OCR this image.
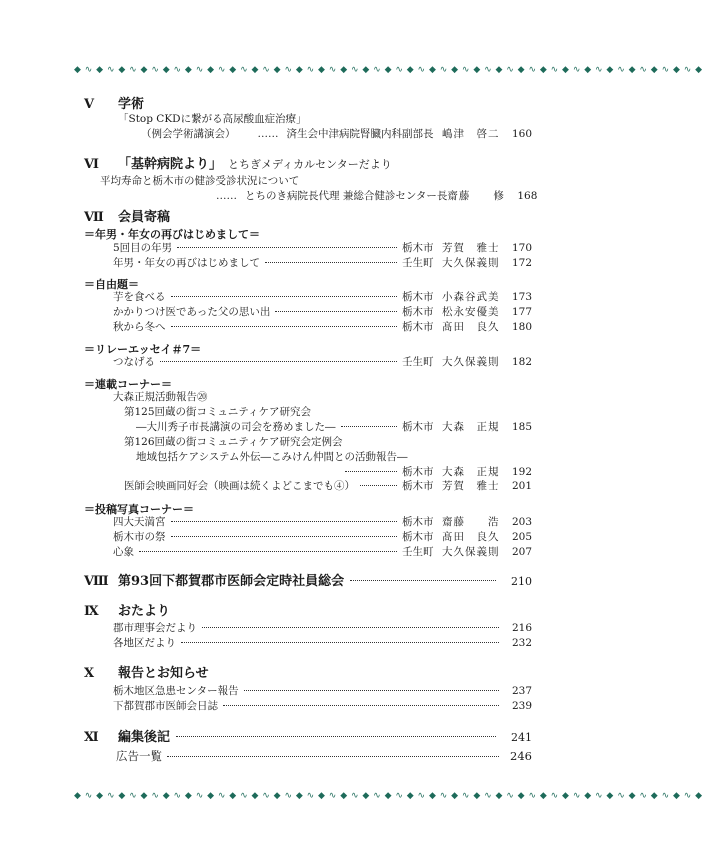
◆ ∿ ◆ ∿ ◆ ∿ ◆ ∿ ◆ ∿ ◆ ∿ ◆ ∿ ◆ ∿ ◆ ∿ ◆ ∿ ◆ ∿ ◆ ∿ ◆ ∿ ◆ ∿ ◆ ∿ ◆ ∿ ◆ ∿ ◆ ∿ ◆ ∿ ◆ ∿ ◆ ∿ ◆ ∿ ◆ ∿ ◆ ∿ ◆ ∿ ◆ ∿ ◆ ∿ ◆ ∿ ◆
Ⅴ 学術
「Stop CKDに繋がる高尿酸血症治療」
（例会学術講演会） …… 済生会中津病院腎臓内科副部長 嶋津　啓二	160
Ⅵ 「基幹病院より」 とちぎメディカルセンターだより
平均寿命と栃木市の健診受診状況について
…… とちのき病院長代理 兼総合健診センター長 齋藤　　修	168
Ⅶ 会員寄稿
＝年男・年女の再びはじめまして＝
5回目の年男	栃木市 芳賀　雅士	170
年男・年女の再びはじめまして	壬生町 大久保義則	172
＝自由題＝
芋を食べる	栃木市 小森谷武美	173
かかりつけ医であった父の思い出	栃木市 松永安優美	177
秋から冬へ	栃木市 髙田　良久	180
＝リレーエッセイ＃7＝
つなげる	壬生町 大久保義則	182
＝連載コーナー＝
大森正規活動報告⑳
第125回蔵の街コミュニティケア研究会
―大川秀子市長講演の司会を務めました―	栃木市 大森　正規	185
第126回蔵の街コミュニティケア研究会定例会
地域包括ケアシステム外伝―こみけん仲間との活動報告―
栃木市 大森　正規	192
医師会映画同好会（映画は続くよどこまでも④）	栃木市 芳賀　雅士	201
＝投稿写真コーナー＝
四大天満宮	栃木市 齋藤　　浩	203
栃木市の祭	栃木市 髙田　良久	205
心象	壬生町 大久保義則	207
Ⅷ 第93回下都賀郡市医師会定時社員総会	210
Ⅸ おたより
郡市理事会だより	216
各地区だより	232
Ⅹ 報告とお知らせ
栃木地区急患センター報告	237
下都賀郡市医師会日誌	239
Ⅺ	編集後記	241
広告一覧	246
◆ ∿ ◆ ∿ ◆ ∿ ◆ ∿ ◆ ∿ ◆ ∿ ◆ ∿ ◆ ∿ ◆ ∿ ◆ ∿ ◆ ∿ ◆ ∿ ◆ ∿ ◆ ∿ ◆ ∿ ◆ ∿ ◆ ∿ ◆ ∿ ◆ ∿ ◆ ∿ ◆ ∿ ◆ ∿ ◆ ∿ ◆ ∿ ◆ ∿ ◆ ∿ ◆ ∿ ◆ ∿ ◆
